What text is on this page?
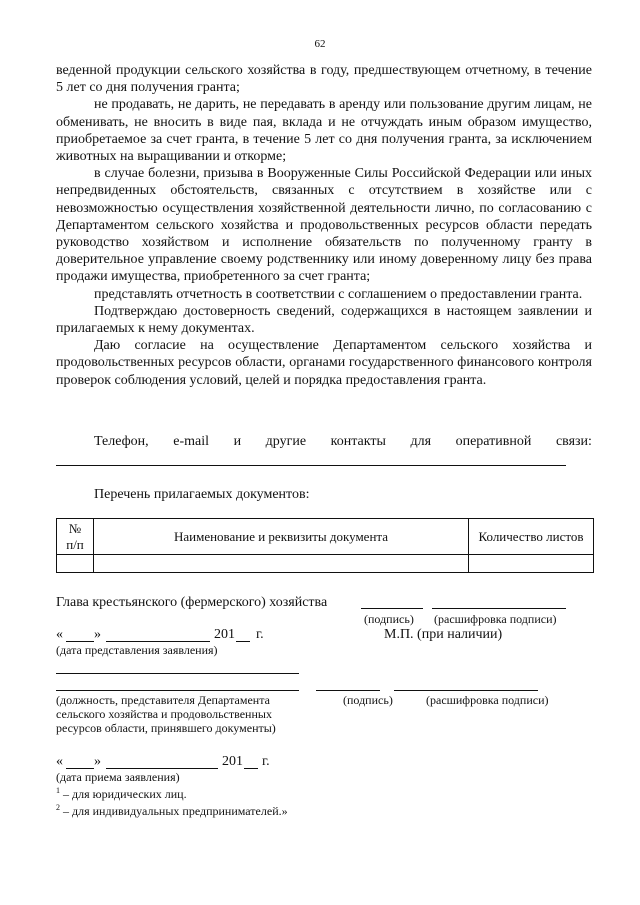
62

веденной продукции сельского хозяйства в году, предшествующем отчетному, в течение 5 лет со дня получения гранта;

не продавать, не дарить, не передавать в аренду или пользование другим лицам, не обменивать, не вносить в виде пая, вклада и не отчуждать иным образом имущество, приобретаемое за счет гранта, в течение 5 лет со дня получения гранта, за исключением животных на выращивании и откорме;

в случае болезни, призыва в Вооруженные Силы Российской Федерации или иных непредвиденных обстоятельств, связанных с отсутствием в хозяйстве или с невозможностью осуществления хозяйственной деятельности лично, по согласованию с Департаментом сельского хозяйства и продовольственных ресурсов области передать руководство хозяйством и исполнение обязательств по полученному гранту в доверительное управление своему родственнику или иному доверенному лицу без права продажи имущества, приобретенного за счет гранта;

представлять отчетность в соответствии с соглашением о предоставлении гранта.

Подтверждаю достоверность сведений, содержащихся в настоящем заявлении и прилагаемых к нему документах.

Даю согласие на осуществление Департаментом сельского хозяйства и продовольственных ресурсов области, органами государственного финансового контроля проверок соблюдения условий, целей и порядка предоставления гранта.

Телефон, e-mail и другие контакты для оперативной связи:
Перечень прилагаемых документов:
№
п/п	Наименование и реквизиты документа	Количество листов

Глава крестьянского (фермерского) хозяйства
(подпись) (расшифровка подписи)
« »	201 г.	М.П. (при наличии)
(дата представления заявления)
(должность, представителя Департамента сельского хозяйства и продовольственных ресурсов области, принявшего документы)
(подпись)	(расшифровка подписи)
« »	201 г.
(дата приема заявления)
$^1$ – для юридических лиц.
$^2$ – для индивидуальных предпринимателей.»
